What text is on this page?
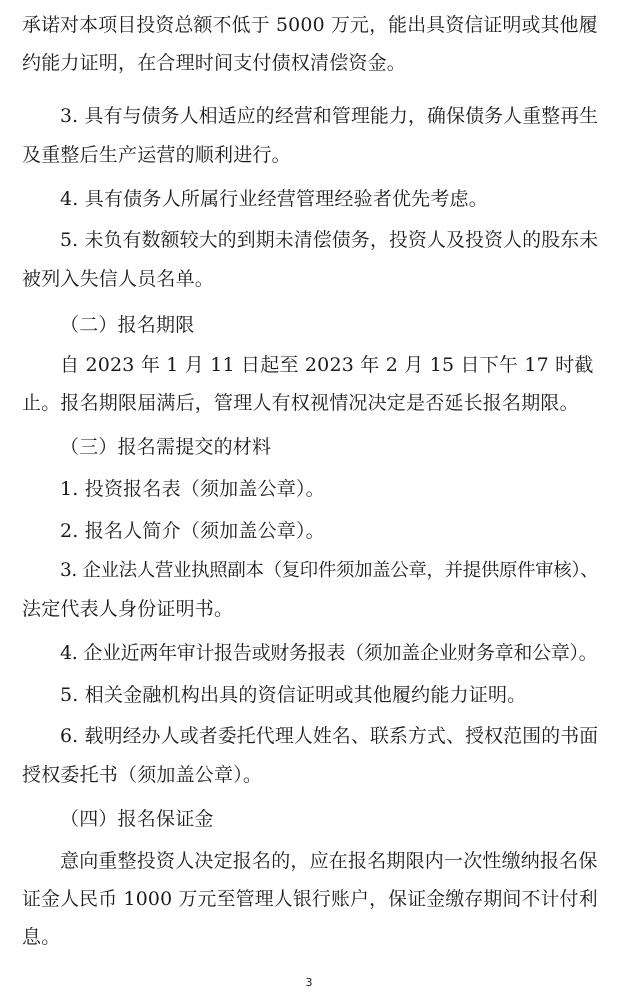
承诺对本项目投资总额不低于 5000 万元，能出具资信证明或其他履
约能力证明，在合理时间支付债权清偿资金。

3. 具有与债务人相适应的经营和管理能力，确保债务人重整再生
及重整后生产运营的顺利进行。

4. 具有债务人所属行业经营管理经验者优先考虑。

5. 未负有数额较大的到期未清偿债务，投资人及投资人的股东未
被列入失信人员名单。

（二）报名期限

自 2023 年 1 月 11 日起至 2023 年 2 月 15 日下午 17 时截
止。报名期限届满后，管理人有权视情况决定是否延长报名期限。

（三）报名需提交的材料

1. 投资报名表（须加盖公章）。

2. 报名人简介（须加盖公章）。

3. 企业法人营业执照副本（复印件须加盖公章，并提供原件审核）、
法定代表人身份证明书。

4. 企业近两年审计报告或财务报表（须加盖企业财务章和公章）。

5. 相关金融机构出具的资信证明或其他履约能力证明。

6. 载明经办人或者委托代理人姓名、联系方式、授权范围的书面
授权委托书（须加盖公章）。

（四）报名保证金

意向重整投资人决定报名的，应在报名期限内一次性缴纳报名保
证金人民币 1000 万元至管理人银行账户，保证金缴存期间不计付利
息。

3
